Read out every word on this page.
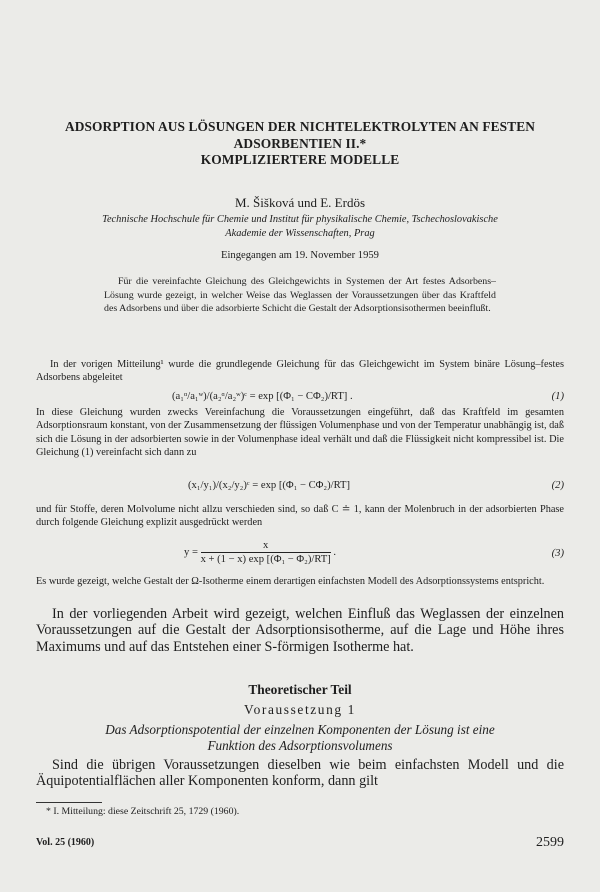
ADSORPTION AUS LÖSUNGEN DER NICHTELEKTROLYTEN AN FESTEN
ADSORBENTIEN II.*
KOMPLIZIERTERE MODELLE
M. Šišková und E. Erdös
Technische Hochschule für Chemie und Institut für physikalische Chemie, Tschechoslovakische
Akademie der Wissenschaften, Prag
Eingegangen am 19. November 1959

Für die vereinfachte Gleichung des Gleichgewichts in Systemen der Art festes Adsorbens–Lösung wurde gezeigt, in welcher Weise das Weglassen der Voraussetzungen über das Kraftfeld des Adsorbens und über die adsorbierte Schicht die Gestalt der Adsorptionsisothermen beeinflußt.

In der vorigen Mitteilung¹ wurde die grundlegende Gleichung für das Gleichgewicht im System binäre Lösung–festes Adsorbens abgeleitet

(a₁ᵅ/a₁ʷ)/(a₂ᵅ/a₂ʷ)ᶜ = exp [(Φ₁ − CΦ₂)/RT] .	(1)

In diese Gleichung wurden zwecks Vereinfachung die Voraussetzungen eingeführt, daß das Kraftfeld im gesamten Adsorptionsraum konstant, von der Zusammensetzung der flüssigen Volumenphase und von der Temperatur unabhängig ist, daß sich die Lösung in der adsorbierten sowie in der Volumenphase ideal verhält und daß die Flüssigkeit nicht kompressibel ist. Die Gleichung (1) vereinfacht sich dann zu

(x₁/y₁)/(x₂/y₂)ᶜ = exp [(Φ₁ − CΦ₂)/RT]	(2)

und für Stoffe, deren Molvolume nicht allzu verschieden sind, so daß C ≐ 1, kann der Molenbruch in der adsorbierten Phase durch folgende Gleichung explizit ausgedrückt werden

$y = \frac{x}{\text{x + (1 − x) exp [(Φ₁ − Φ₂)/RT]}}$ .	(3)

Es wurde gezeigt, welche Gestalt der Ω-Isotherme einem derartigen einfachsten Modell des Adsorptionssystems entspricht.

In der vorliegenden Arbeit wird gezeigt, welchen Einfluß das Weglassen der einzelnen Voraussetzungen auf die Gestalt der Adsorptionsisotherme, auf die Lage und Höhe ihres Maximums und auf das Entstehen einer S-förmigen Isotherme hat.

Theoretischer Teil
Voraussetzung 1
Das Adsorptionspotential der einzelnen Komponenten der Lösung ist eine
Funktion des Adsorptionsvolumens

Sind die übrigen Voraussetzungen dieselben wie beim einfachsten Modell und die Äquipotentialflächen aller Komponenten konform, dann gilt

* I. Mitteilung: diese Zeitschrift 25, 1729 (1960).
Vol. 25 (1960)	2599
